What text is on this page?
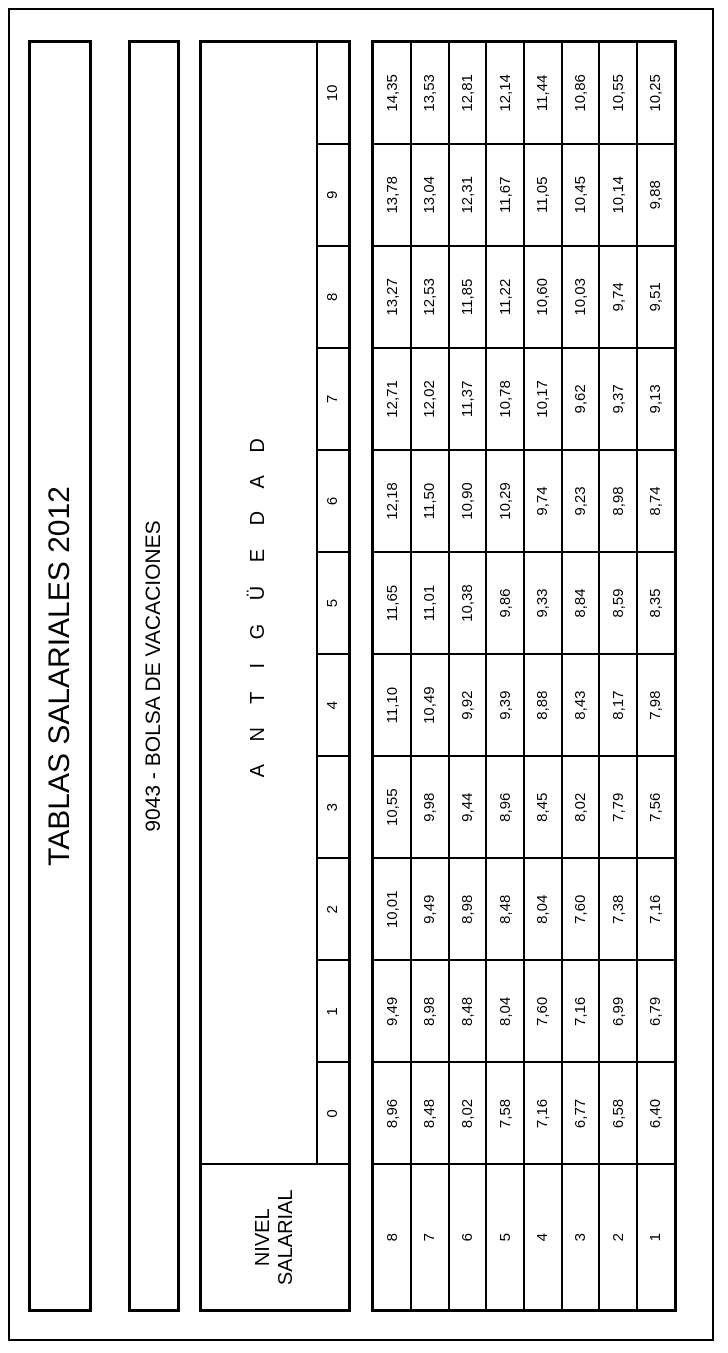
TABLAS SALARIALES 2012	9043 - BOLSA DE VACACIONES
NIVEL SALARIAL	A N T I G Ü E D A D										
	0	1	2	3	4	5	6	7	8	9	10
8	8,96	9,49	10,01	10,55	11,10	11,65	12,18	12,71	13,27	13,78	14,35
7	8,48	8,98	9,49	9,98	10,49	11,01	11,50	12,02	12,53	13,04	13,53
6	8,02	8,48	8,98	9,44	9,92	10,38	10,90	11,37	11,85	12,31	12,81
5	7,58	8,04	8,48	8,96	9,39	9,86	10,29	10,78	11,22	11,67	12,14
4	7,16	7,60	8,04	8,45	8,88	9,33	9,74	10,17	10,60	11,05	11,44
3	6,77	7,16	7,60	8,02	8,43	8,84	9,23	9,62	10,03	10,45	10,86
2	6,58	6,99	7,38	7,79	8,17	8,59	8,98	9,37	9,74	10,14	10,55
1	6,40	6,79	7,16	7,56	7,98	8,35	8,74	9,13	9,51	9,88	10,25
